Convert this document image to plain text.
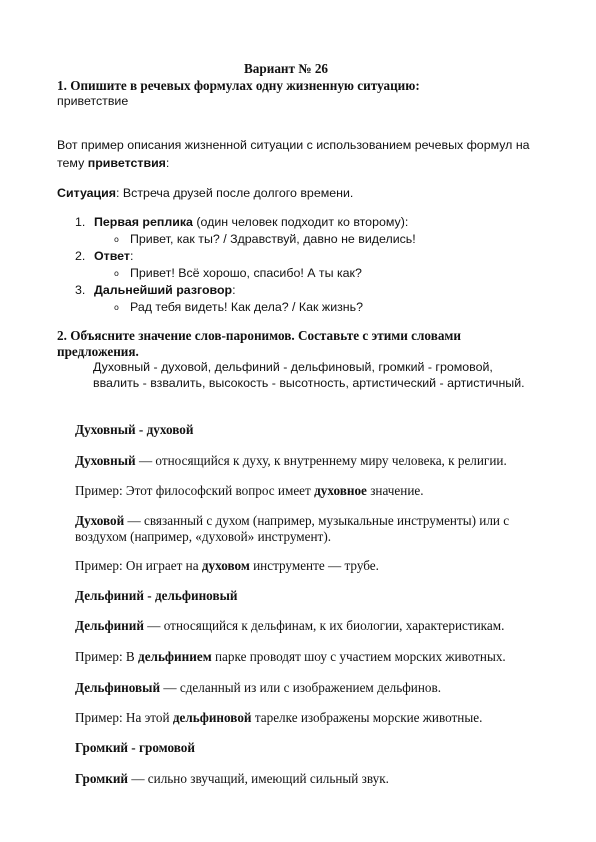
Вариант № 26
1. Опишите в речевых формулах одну жизненную ситуацию:
приветствие
Вот пример описания жизненной ситуации с использованием речевых формул на
тему приветствия:
Ситуация: Встреча друзей после долгого времени.
1. Первая реплика (один человек подходит ко второму):
o Привет, как ты? / Здравствуй, давно не виделись!
2. Ответ:
o Привет! Всё хорошо, спасибо! А ты как?
3. Дальнейший разговор:
o Рад тебя видеть! Как дела? / Как жизнь?
2. Объясните значение слов-паронимов. Составьте с этими словами
предложения.
Духовный - духовой, дельфиний - дельфиновый, громкий - громовой,
ввалить - взвалить, высокость - высотность, артистический - артистичный.
Духовный - духовой
Духовный — относящийся к духу, к внутреннему миру человека, к религии.
Пример: Этот философский вопрос имеет духовное значение.
Духовой — связанный с духом (например, музыкальные инструменты) или с
воздухом (например, «духовой» инструмент).
Пример: Он играет на духовом инструменте — трубе.
Дельфиний - дельфиновый
Дельфиний — относящийся к дельфинам, к их биологии, характеристикам.
Пример: В дельфинием парке проводят шоу с участием морских животных.
Дельфиновый — сделанный из или с изображением дельфинов.
Пример: На этой дельфиновой тарелке изображены морские животные.
Громкий - громовой
Громкий — сильно звучащий, имеющий сильный звук.
